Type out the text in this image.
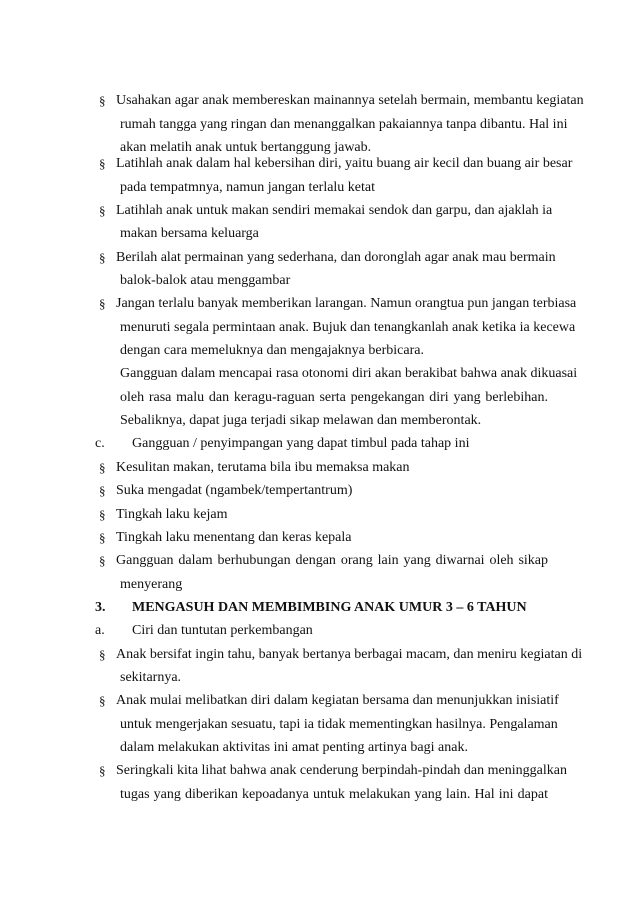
§ Usahakan agar anak membereskan mainannya setelah bermain, membantu kegiatan
rumah tangga yang ringan dan menanggalkan pakaiannya tanpa dibantu. Hal ini
akan melatih anak untuk bertanggung jawab.
§ Latihlah anak dalam hal kebersihan diri, yaitu buang air kecil dan buang air besar
pada tempatmnya, namun jangan terlalu ketat
§ Latihlah anak untuk makan sendiri memakai sendok dan garpu, dan ajaklah ia
makan bersama keluarga
§ Berilah alat permainan yang sederhana, dan doronglah agar anak mau bermain
balok-balok atau menggambar
§ Jangan terlalu banyak memberikan larangan. Namun orangtua pun jangan terbiasa
menuruti segala permintaan anak. Bujuk dan tenangkanlah anak ketika ia kecewa
dengan cara memeluknya dan mengajaknya berbicara.
Gangguan dalam mencapai rasa otonomi diri akan berakibat bahwa anak dikuasai
oleh rasa malu dan keragu-raguan serta pengekangan diri yang berlebihan.
Sebaliknya, dapat juga terjadi sikap melawan dan memberontak.
c. Gangguan / penyimpangan yang dapat timbul pada tahap ini
§ Kesulitan makan, terutama bila ibu memaksa makan
§ Suka mengadat (ngambek/tempertantrum)
§ Tingkah laku kejam
§ Tingkah laku menentang dan keras kepala
§ Gangguan dalam berhubungan dengan orang lain yang diwarnai oleh sikap
menyerang
3. MENGASUH DAN MEMBIMBING ANAK UMUR 3 – 6 TAHUN
a. Ciri dan tuntutan perkembangan
§ Anak bersifat ingin tahu, banyak bertanya berbagai macam, dan meniru kegiatan di
sekitarnya.
§ Anak mulai melibatkan diri dalam kegiatan bersama dan menunjukkan inisiatif
untuk mengerjakan sesuatu, tapi ia tidak mementingkan hasilnya. Pengalaman
dalam melakukan aktivitas ini amat penting artinya bagi anak.
§ Seringkali kita lihat bahwa anak cenderung berpindah-pindah dan meninggalkan
tugas yang diberikan kepoadanya untuk melakukan yang lain. Hal ini dapat
